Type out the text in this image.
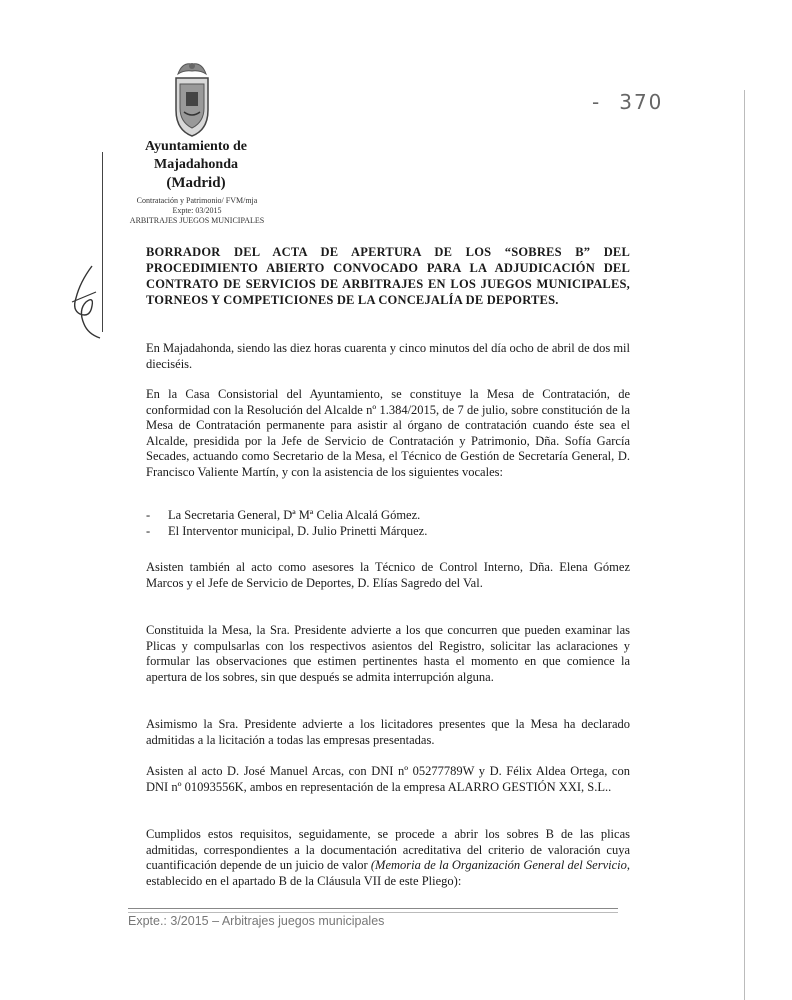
Ayuntamiento de
Majadahonda
(Madrid)
Contratación y Patrimonio/ FVM/mja
Expte: 03/2015
ARBITRAJES JUEGOS MUNICIPALES
- 370
BORRADOR DEL ACTA DE APERTURA DE LOS “SOBRES B” DEL PROCEDIMIENTO ABIERTO CONVOCADO PARA LA ADJUDICACIÓN DEL CONTRATO DE SERVICIOS DE ARBITRAJES EN LOS JUEGOS MUNICIPALES, TORNEOS Y COMPETICIONES DE LA CONCEJALÍA DE DEPORTES.
En Majadahonda, siendo las diez horas cuarenta y cinco minutos del día ocho de abril de dos mil dieciséis.
En la Casa Consistorial del Ayuntamiento, se constituye la Mesa de Contratación, de conformidad con la Resolución del Alcalde nº 1.384/2015, de 7 de julio, sobre constitución de la Mesa de Contratación permanente para asistir al órgano de contratación cuando éste sea el Alcalde, presidida por la Jefe de Servicio de Contratación y Patrimonio, Dña. Sofía García Secades, actuando como Secretario de la Mesa, el Técnico de Gestión de Secretaría General, D. Francisco Valiente Martín, y con la asistencia de los siguientes vocales:
- La Secretaria General, Dª Mª Celia Alcalá Gómez.
- El Interventor municipal, D. Julio Prinetti Márquez.
Asisten también al acto como asesores la Técnico de Control Interno, Dña. Elena Gómez Marcos y el Jefe de Servicio de Deportes, D. Elías Sagredo del Val.
Constituida la Mesa, la Sra. Presidente advierte a los que concurren que pueden examinar las Plicas y compulsarlas con los respectivos asientos del Registro, solicitar las aclaraciones y formular las observaciones que estimen pertinentes hasta el momento en que comience la apertura de los sobres, sin que después se admita interrupción alguna.
Asimismo la Sra. Presidente advierte a los licitadores presentes que la Mesa ha declarado admitidas a la licitación a todas las empresas presentadas.
Asisten al acto D. José Manuel Arcas, con DNI nº 05277789W y D. Félix Aldea Ortega, con DNI nº 01093556K, ambos en representación de la empresa ALARRO GESTIÓN XXI, S.L..
Cumplidos estos requisitos, seguidamente, se procede a abrir los sobres B de las plicas admitidas, correspondientes a la documentación acreditativa del criterio de valoración cuya cuantificación depende de un juicio de valor (Memoria de la Organización General del Servicio, establecido en el apartado B de la Cláusula VII de este Pliego):
Expte.: 3/2015 – Arbitrajes juegos municipales
